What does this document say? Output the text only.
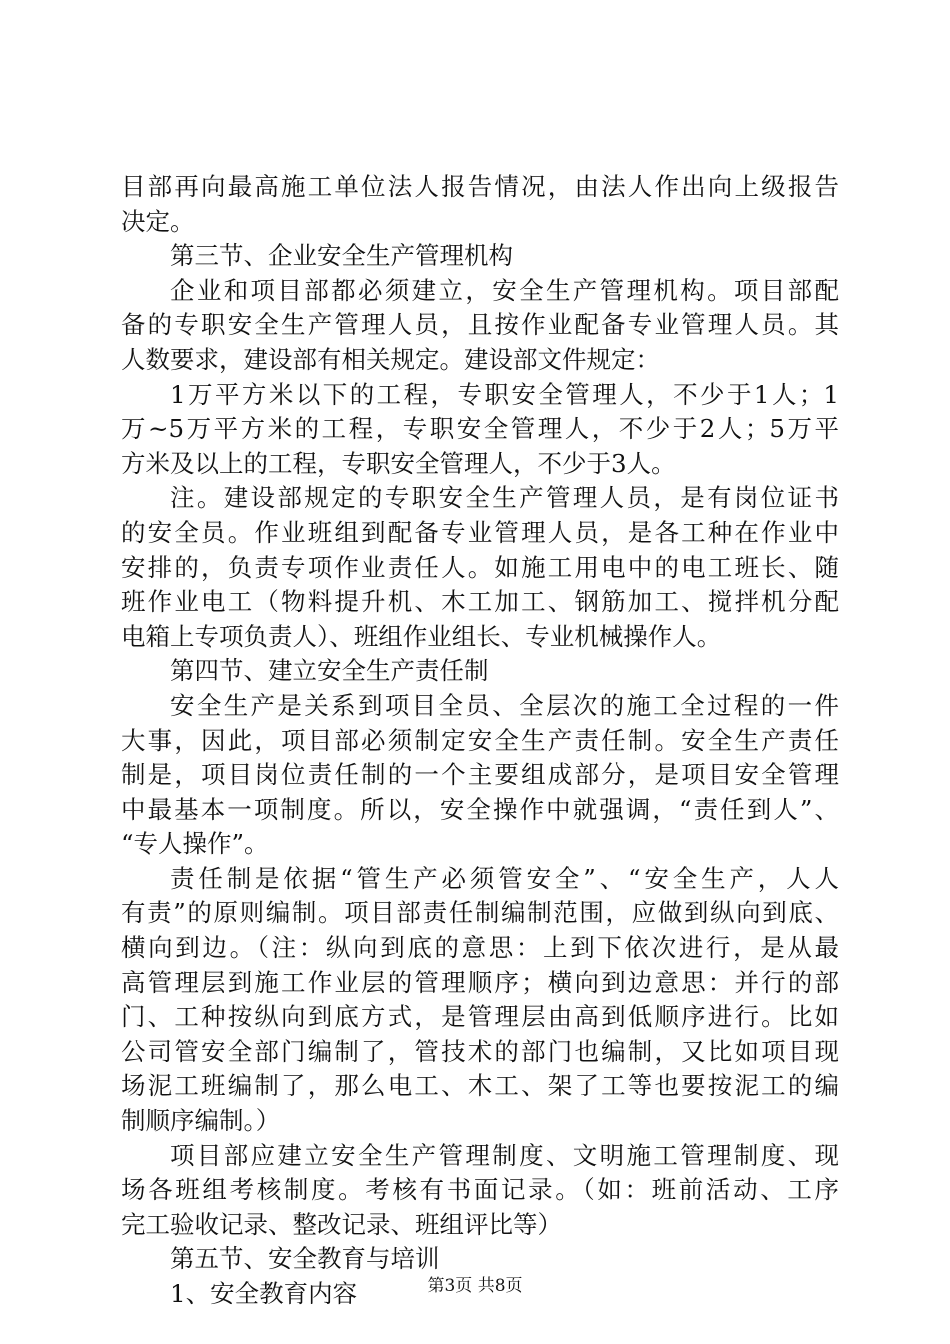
目部再向最高施工单位法人报告情况，由法人作出向上级报告
决定。
第三节、企业安全生产管理机构
企业和项目部都必须建立，安全生产管理机构。项目部配
备的专职安全生产管理人员，且按作业配备专业管理人员。其
人数要求，建设部有相关规定。建设部文件规定：
1万平方米以下的工程，专职安全管理人，不少于1人；1
万~5万平方米的工程，专职安全管理人，不少于2人；5万平
方米及以上的工程，专职安全管理人，不少于3人。
注。建设部规定的专职安全生产管理人员，是有岗位证书
的安全员。作业班组到配备专业管理人员，是各工种在作业中
安排的，负责专项作业责任人。如施工用电中的电工班长、随
班作业电工（物料提升机、木工加工、钢筋加工、搅拌机分配
电箱上专项负责人）、班组作业组长、专业机械操作人。
第四节、建立安全生产责任制
安全生产是关系到项目全员、全层次的施工全过程的一件
大事，因此，项目部必须制定安全生产责任制。安全生产责任
制是，项目岗位责任制的一个主要组成部分，是项目安全管理
中最基本一项制度。所以，安全操作中就强调，“责任到人”、
“专人操作”。
责任制是依据“管生产必须管安全”、“安全生产，人人
有责”的原则编制。项目部责任制编制范围，应做到纵向到底、
横向到边。（注：纵向到底的意思：上到下依次进行，是从最
高管理层到施工作业层的管理顺序；横向到边意思：并行的部
门、工种按纵向到底方式，是管理层由高到低顺序进行。比如
公司管安全部门编制了，管技术的部门也编制，又比如项目现
场泥工班编制了，那么电工、木工、架了工等也要按泥工的编
制顺序编制。）
项目部应建立安全生产管理制度、文明施工管理制度、现
场各班组考核制度。考核有书面记录。（如：班前活动、工序
完工验收记录、整改记录、班组评比等）
第五节、安全教育与培训
1、安全教育内容	第3页 共8页
